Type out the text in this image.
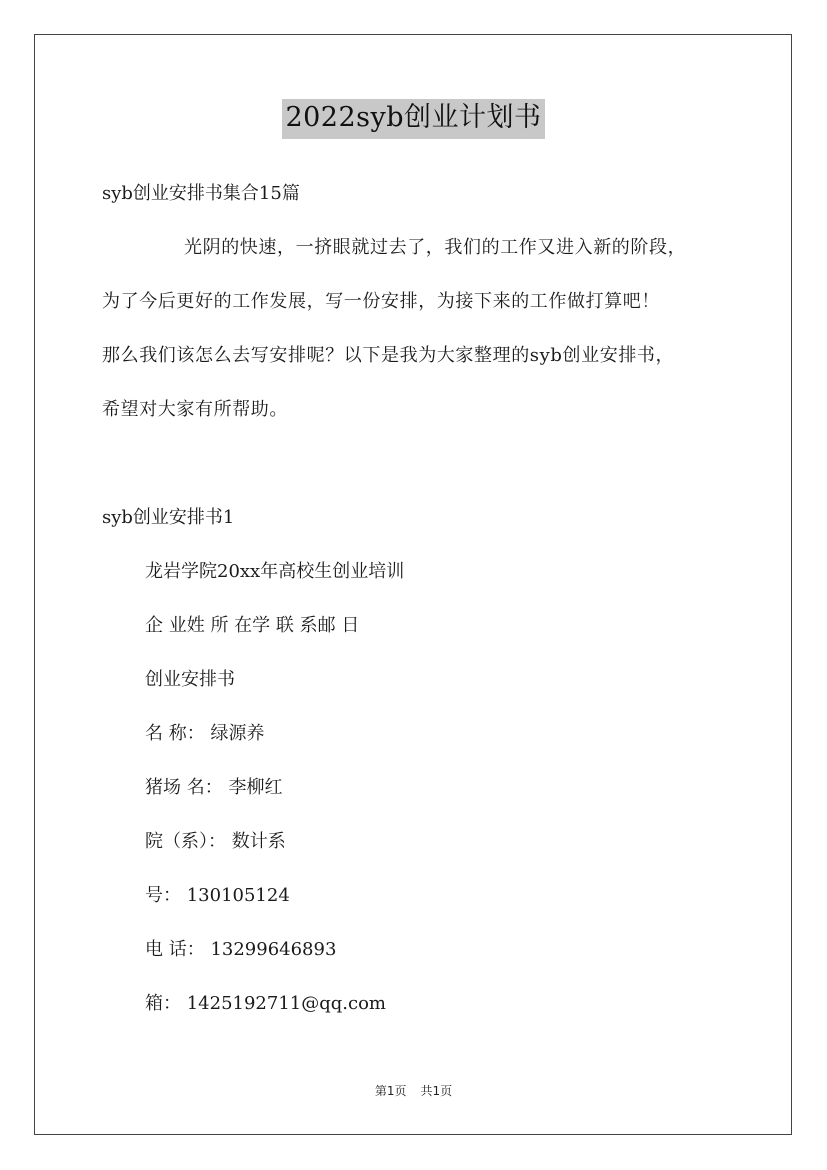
2022syb创业计划书
syb创业安排书集合15篇
光阴的快速，一挤眼就过去了，我们的工作又进入新的阶段，
为了今后更好的工作发展，写一份安排，为接下来的工作做打算吧！
那么我们该怎么去写安排呢？以下是我为大家整理的syb创业安排书，
希望对大家有所帮助。
syb创业安排书1
龙岩学院20xx年高校生创业培训
企 业姓 所 在学 联 系邮 日
创业安排书
名 称： 绿源养
猪场 名： 李柳红
院（系）： 数计系
号： 130105124
电 话： 13299646893
箱： 1425192711@qq.com
第1页 共1页
